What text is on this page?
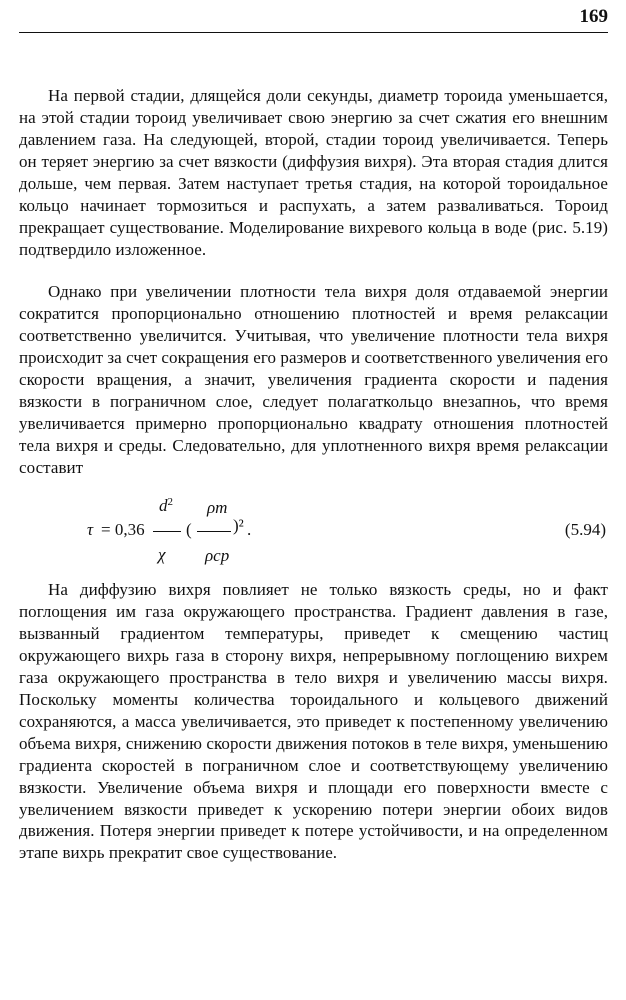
169

На первой стадии, длящейся доли секунды, диаметр тороида уменьшается, на этой стадии тороид увеличивает свою энергию за счет сжатия его внешним давлением газа. На следующей, второй, стадии тороид увеличивается. Теперь он теряет энергию за счет вязкости (диффузия вихря). Эта вторая стадия длится дольше, чем первая. Затем наступает третья стадия, на которой тороидальное кольцо начинает тормозиться и распухать, а затем разваливаться. Тороид прекращает существование. Моделирование вихревого кольца в воде (рис. 5.19) подтвердило изложенное.

Однако при увеличении плотности тела вихря доля отдаваемой энергии сократится пропорционально отношению плотностей и время релаксации соответственно увеличится. Учитывая, что увеличение плотности тела вихря происходит за счет сокращения его размеров и соответственного увеличения его скорости вращения, а значит, увеличения градиента скорости и падения вязкости в пограничном слое, следует полагаткольцо внезапноь, что время увеличивается примерно пропорционально квадрату отношения плотностей тела вихря и среды. Следовательно, для уплотненного вихря время релаксации составит

τ = 0,36
$d^2$
χ
(
ρт
ρср
)² .	(5.94)

На диффузию вихря повлияет не только вязкость среды, но и факт поглощения им газа окружающего пространства. Градиент давления в газе, вызванный градиентом температуры, приведет к смещению частиц окружающего вихрь газа в сторону вихря, непрерывному поглощению вихрем газа окружающего пространства в тело вихря и увеличению массы вихря. Поскольку моменты количества тороидального и кольцевого движений сохраняются, а масса увеличивается, это приведет к постепенному увеличению объема вихря, снижению скорости движения потоков в теле вихря, уменьшению градиента скоростей в пограничном слое и соответствующему увеличению вязкости. Увеличение объема вихря и площади его поверхности вместе с увеличением вязкости приведет к ускорению потери энергии обоих видов движения. Потеря энергии приведет к потере устойчивости, и на определенном этапе вихрь прекратит свое существование.
